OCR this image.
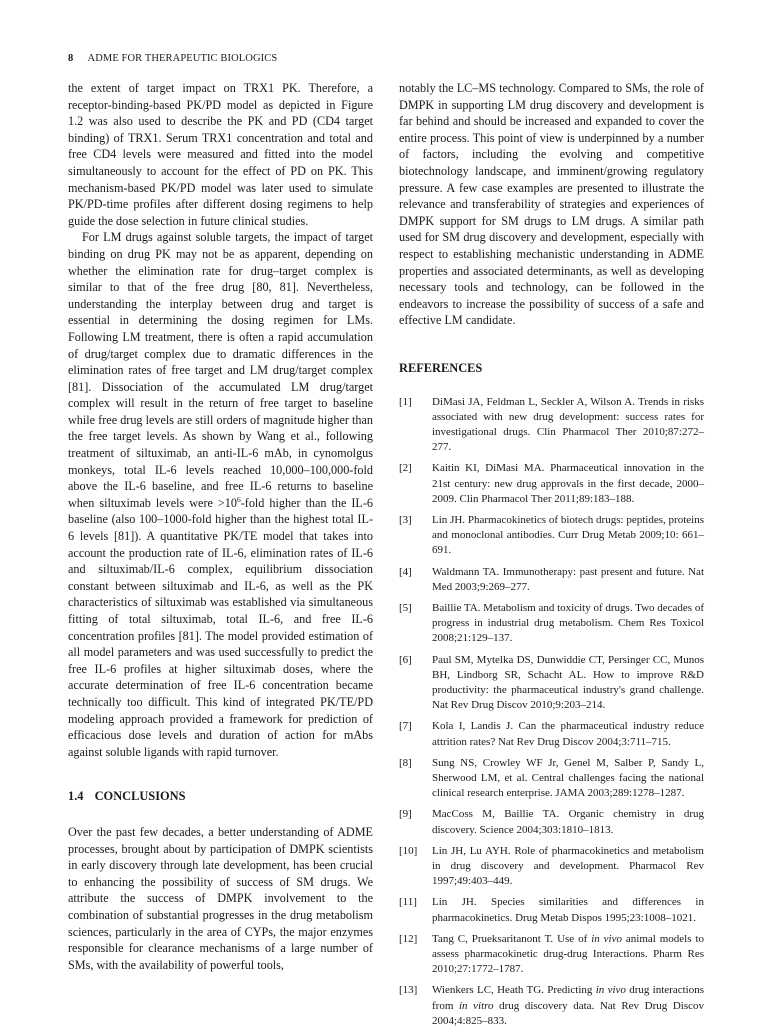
8 ADME FOR THERAPEUTIC BIOLOGICS

the extent of target impact on TRX1 PK. Therefore, a receptor-binding-based PK/PD model as depicted in Figure 1.2 was also used to describe the PK and PD (CD4 target binding) of TRX1. Serum TRX1 concentration and total and free CD4 levels were measured and fitted into the model simultaneously to account for the effect of PD on PK. This mechanism-based PK/PD model was later used to simulate PK/PD-time profiles after different dosing regimens to help guide the dose selection in future clinical studies.

For LM drugs against soluble targets, the impact of target binding on drug PK may not be as apparent, depending on whether the elimination rate for drug–target complex is similar to that of the free drug [80, 81]. Nevertheless, understanding the interplay between drug and target is essential in determining the dosing regimen for LMs. Following LM treatment, there is often a rapid accumulation of drug/target complex due to dramatic differences in the elimination rates of free target and LM drug/target complex [81]. Dissociation of the accumulated LM drug/target complex will result in the return of free target to baseline while free drug levels are still orders of magnitude higher than the free target levels. As shown by Wang et al., following treatment of siltuximab, an anti-IL-6 mAb, in cynomolgus monkeys, total IL-6 levels reached 10,000–100,000-fold above the IL-6 baseline, and free IL-6 returns to baseline when siltuximab levels were $>10^6$-fold higher than the IL-6 baseline (also 100–1000-fold higher than the highest total IL-6 levels [81]). A quantitative PK/TE model that takes into account the production rate of IL-6, elimination rates of IL-6 and siltuximab/IL-6 complex, equilibrium dissociation constant between siltuximab and IL-6, as well as the PK characteristics of siltuximab was established via simultaneous fitting of total siltuximab, total IL-6, and free IL-6 concentration profiles [81]. The model provided estimation of all model parameters and was used successfully to predict the free IL-6 profiles at higher siltuximab doses, where the accurate determination of free IL-6 concentration became technically too difficult. This kind of integrated PK/TE/PD modeling approach provided a framework for prediction of efficacious dose levels and duration of action for mAbs against soluble ligands with rapid turnover.

1.4 CONCLUSIONS

Over the past few decades, a better understanding of ADME processes, brought about by participation of DMPK scientists in early discovery through late development, has been crucial to enhancing the possibility of success of SM drugs. We attribute the success of DMPK involvement to the combination of substantial progresses in the drug metabolism sciences, particularly in the area of CYPs, the major enzymes responsible for clearance mechanisms of a large number of SMs, with the availability of powerful tools,

notably the LC–MS technology. Compared to SMs, the role of DMPK in supporting LM drug discovery and development is far behind and should be increased and expanded to cover the entire process. This point of view is underpinned by a number of factors, including the evolving and competitive biotechnology landscape, and imminent/growing regulatory pressure. A few case examples are presented to illustrate the relevance and transferability of strategies and experiences of DMPK support for SM drugs to LM drugs. A similar path used for SM drug discovery and development, especially with respect to establishing mechanistic understanding in ADME properties and associated determinants, as well as developing necessary tools and technology, can be followed in the endeavors to increase the possibility of success of a safe and effective LM candidate.

REFERENCES
[ 1 ]	DiMasi JA, Feldman L, Seckler A, Wilson A. Trends in risks associated with new drug development: success rates for investigational drugs. Clin Pharmacol Ther 2010;87:272–277.
[ 2 ]	Kaitin KI, DiMasi MA. Pharmaceutical innovation in the 21st century: new drug approvals in the first decade, 2000–2009. Clin Pharmacol Ther 2011;89:183–188.
[ 3 ]	Lin JH. Pharmacokinetics of biotech drugs: peptides, proteins and monoclonal antibodies. Curr Drug Metab 2009;10: 661–691.
[ 4 ]	Waldmann TA. Immunotherapy: past present and future. Nat Med 2003;9:269–277.
[ 5 ]	Baillie TA. Metabolism and toxicity of drugs. Two decades of progress in industrial drug metabolism. Chem Res Toxicol 2008;21:129–137.
[ 6 ]	Paul SM, Mytelka DS, Dunwiddie CT, Persinger CC, Munos BH, Lindborg SR, Schacht AL. How to improve R&D productivity: the pharmaceutical industry's grand challenge. Nat Rev Drug Discov 2010;9:203–214.
[ 7 ]	Kola I, Landis J. Can the pharmaceutical industry reduce attrition rates? Nat Rev Drug Discov 2004;3:711–715.
[ 8 ]	Sung NS, Crowley WF Jr, Genel M, Salber P, Sandy L, Sherwood LM, et al. Central challenges facing the national clinical research enterprise. JAMA 2003;289:1278–1287.
[ 9 ]	MacCoss M, Baillie TA. Organic chemistry in drug discovery. Science 2004;303:1810–1813.
[ 10 ]	Lin JH, Lu AYH. Role of pharmacokinetics and metabolism in drug discovery and development. Pharmacol Rev 1997;49:403–449.
[ 11 ]	Lin JH. Species similarities and differences in pharmacokinetics. Drug Metab Dispos 1995;23:1008–1021.
[ 12 ]	Tang C, Prueksaritanont T. Use of in vivo animal models to assess pharmacokinetic drug-drug Interactions. Pharm Res 2010;27:1772–1787.
[ 13 ]	Wienkers LC, Heath TG. Predicting in vivo drug interactions from in vitro drug discovery data. Nat Rev Drug Discov 2004;4:825–833.
